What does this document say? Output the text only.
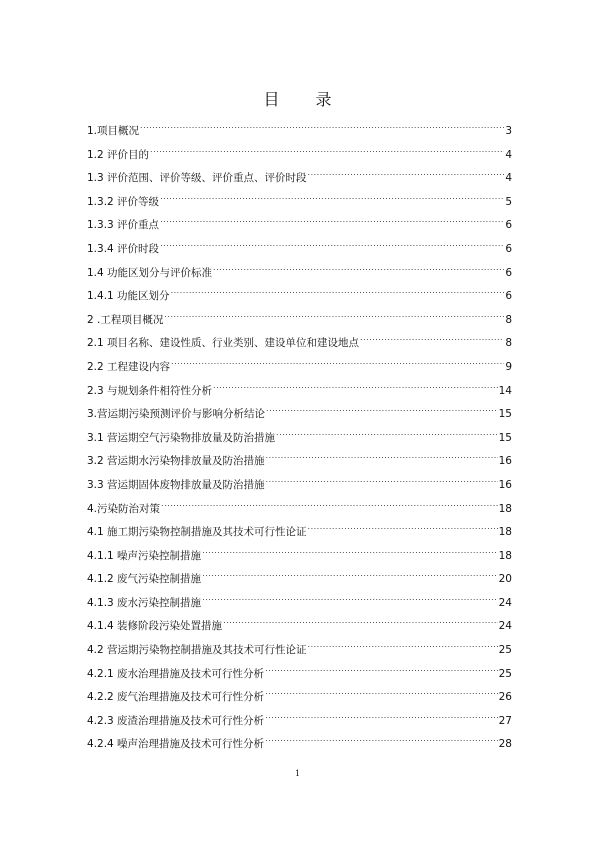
目　录
1.项目概况 .....	3
1.2 评价目的 .....	4
1.3 评价范围、评价等级、评价重点、评价时段 .....	4
1.3.2 评价等级 .....	5
1.3.3 评价重点 .....	6
1.3.4 评价时段 .....	6
1.4 功能区划分与评价标准 .....	6
1.4.1 功能区划分 .....	6
2 .工程项目概况 .....	8
2.1 项目名称、建设性质、行业类别、建设单位和建设地点 .....	8
2.2 工程建设内容 .....	9
2.3 与规划条件相符性分析 .....	14
3.营运期污染预测评价与影响分析结论 .....	15
3.1 营运期空气污染物排放量及防治措施 .....	15
3.2 营运期水污染物排放量及防治措施 .....	16
3.3 营运期固体废物排放量及防治措施 .....	16
4.污染防治对策 .....	18
4.1 施工期污染物控制措施及其技术可行性论证 .....	18
4.1.1 噪声污染控制措施 .....	18
4.1.2 废气污染控制措施 .....	20
4.1.3 废水污染控制措施 .....	24
4.1.4 装修阶段污染处置措施 .....	24
4.2 营运期污染物控制措施及其技术可行性论证 .....	25
4.2.1 废水治理措施及技术可行性分析 .....	25
4.2.2 废气治理措施及技术可行性分析 .....	26
4.2.3 废渣治理措施及技术可行性分析 .....	27
4.2.4 噪声治理措施及技术可行性分析 .....	28
1
